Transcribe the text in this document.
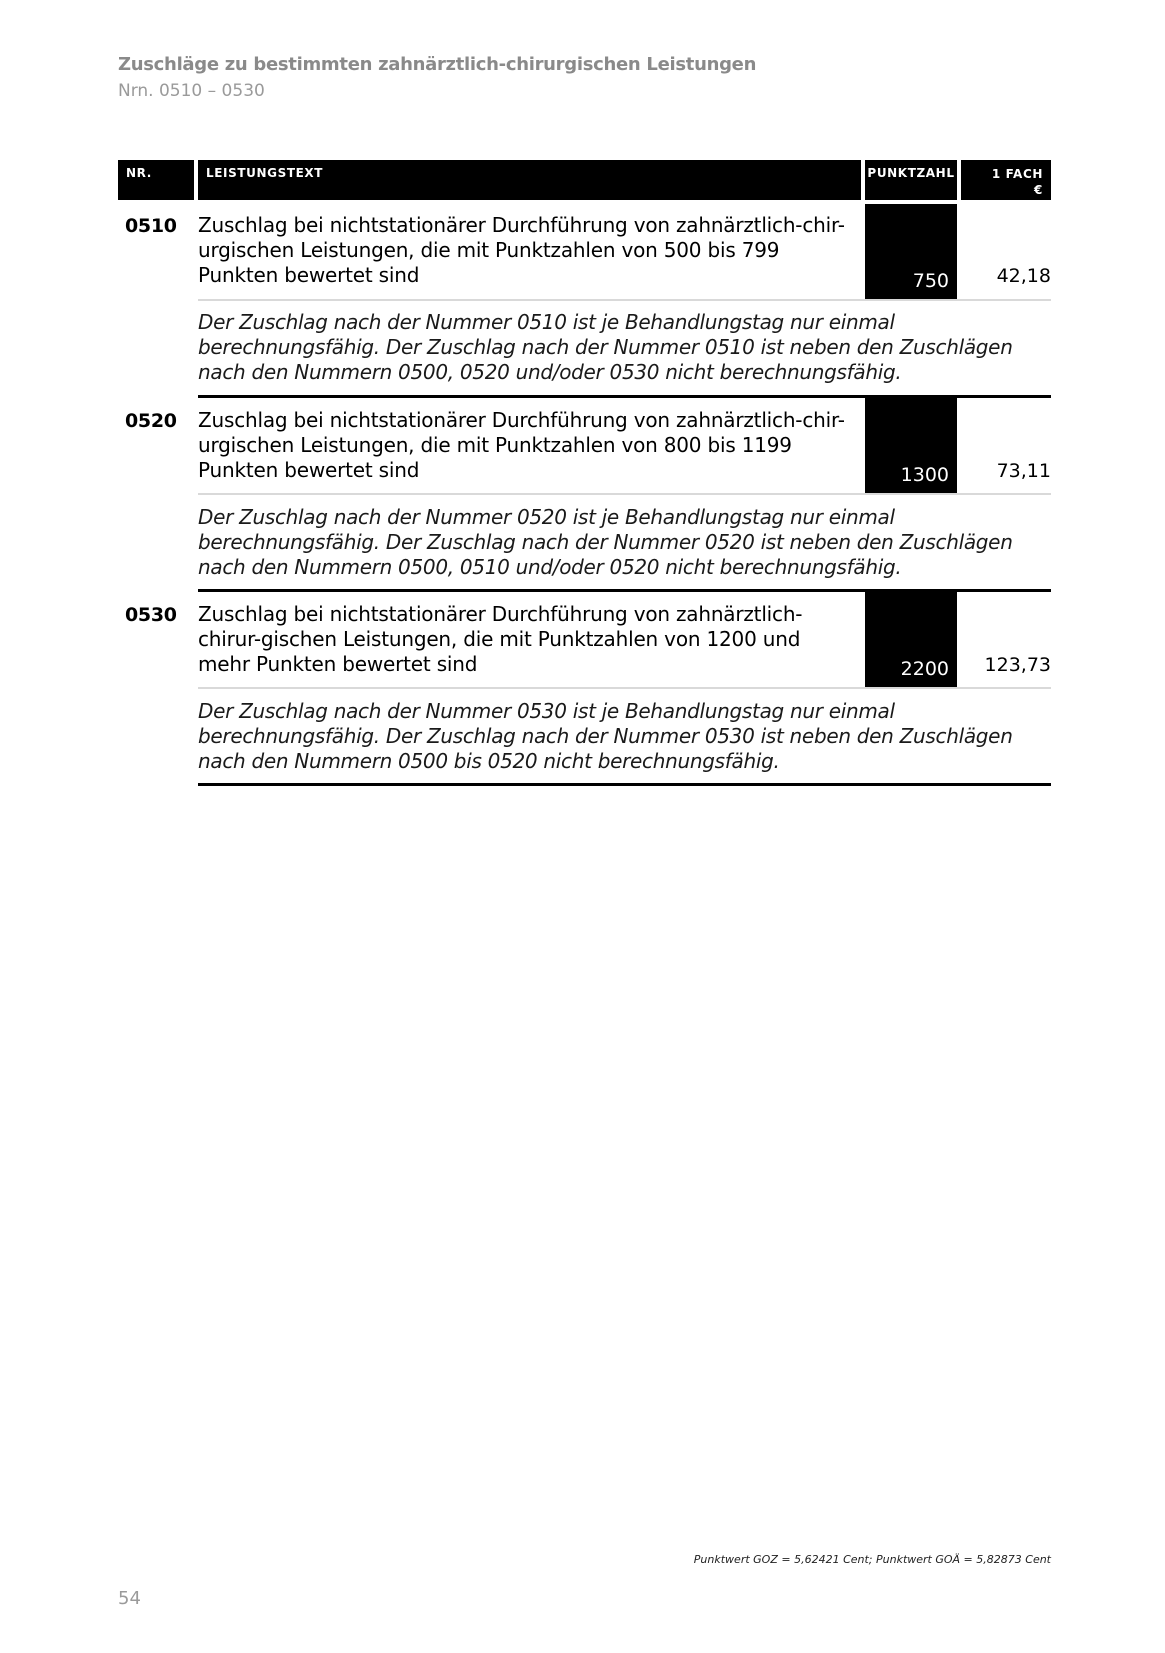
Zuschläge zu bestimmten zahnärztlich-chirurgischen Leistungen
Nrn. 0510 – 0530
NR.	LEISTUNGSTEXT	PUNKTZAHL	1 FACH
€
0510 Zuschlag bei nichtstationärer Durchführung von zahnärztlich-chir-urgischen Leistungen, die mit Punktzahlen von 500 bis 799 Punkten bewertet sind	750	42,18
Der Zuschlag nach der Nummer 0510 ist je Behandlungstag nur einmal berechnungsfähig. Der Zuschlag nach der Nummer 0510 ist neben den Zuschlägen nach den Nummern 0500, 0520 und/oder 0530 nicht berechnungsfähig.
0520 Zuschlag bei nichtstationärer Durchführung von zahnärztlich-chir-urgischen Leistungen, die mit Punktzahlen von 800 bis 1199 Punkten bewertet sind	1300	73,11
Der Zuschlag nach der Nummer 0520 ist je Behandlungstag nur einmal berechnungsfähig. Der Zuschlag nach der Nummer 0520 ist neben den Zuschlägen nach den Nummern 0500, 0510 und/oder 0520 nicht berechnungsfähig.
0530 Zuschlag bei nichtstationärer Durchführung von zahnärztlich-chirur-gischen Leistungen, die mit Punktzahlen von 1200 und mehr Punkten bewertet sind	2200	123,73
Der Zuschlag nach der Nummer 0530 ist je Behandlungstag nur einmal berechnungsfähig. Der Zuschlag nach der Nummer 0530 ist neben den Zuschlägen nach den Nummern 0500 bis 0520 nicht berechnungsfähig.
Punktwert GOZ = 5,62421 Cent; Punktwert GOÄ = 5,82873 Cent
54
